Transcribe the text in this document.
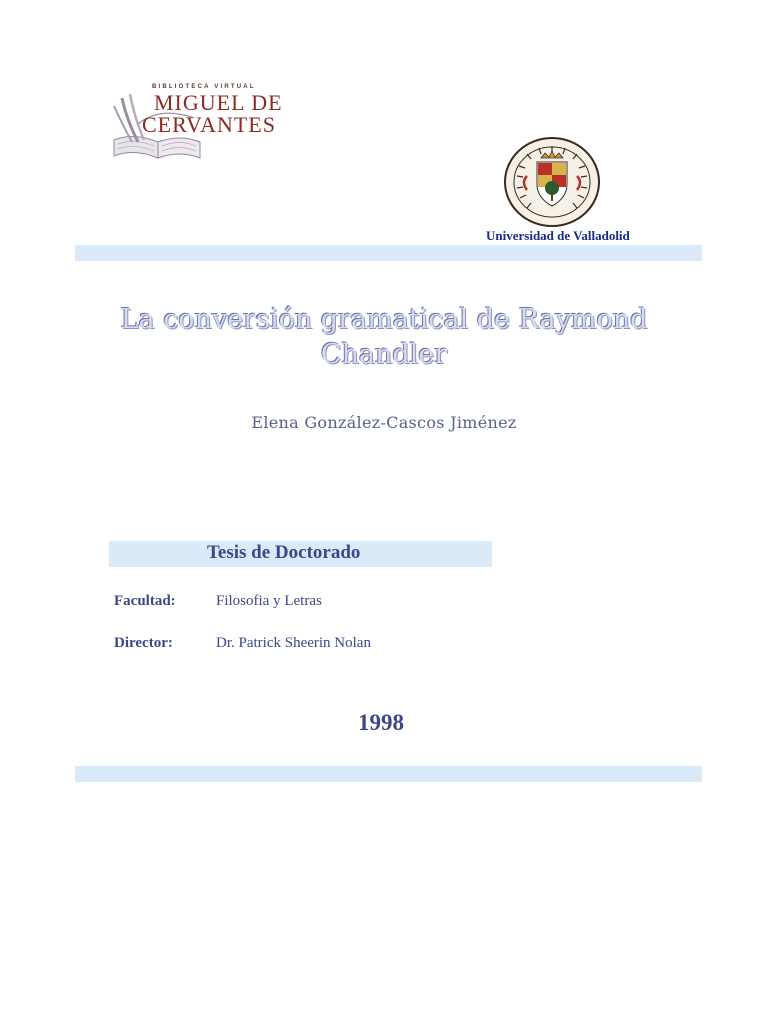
BIBLIOTECA VIRTUAL
MIGUEL DE
CERVANTES
Universidad de Valladolid
La conversión gramatical de Raymond Chandler
Elena González-Cascos Jiménez
Tesis de Doctorado
Facultad:	Filosofia y Letras
Director:	Dr. Patrick Sheerin Nolan
1998
